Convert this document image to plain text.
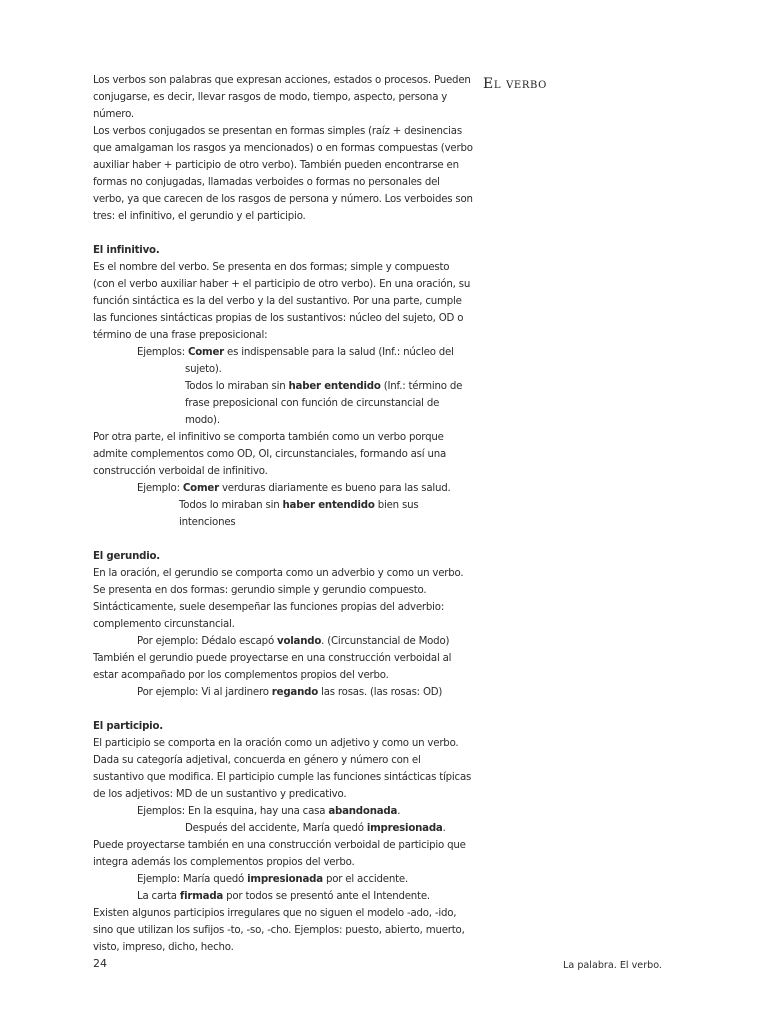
El verbo

Los verbos son palabras que expresan acciones, estados o procesos. Pueden conjugarse, es decir, llevar rasgos de modo, tiempo, aspecto, persona y número.

Los verbos conjugados se presentan en formas simples (raíz + desinencias que amalgaman los rasgos ya mencionados) o en formas compuestas (verbo auxiliar haber + participio de otro verbo). También pueden encontrarse en formas no conjugadas, llamadas verboides o formas no personales del verbo, ya que carecen de los rasgos de persona y número. Los verboides son tres: el infinitivo, el gerundio y el participio.

El infinitivo.

Es el nombre del verbo. Se presenta en dos formas; simple y compuesto (con el verbo auxiliar haber + el participio de otro verbo). En una oración, su función sintáctica es la del verbo y la del sustantivo. Por una parte, cumple las funciones sintácticas propias de los sustantivos: núcleo del sujeto, OD o término de una frase preposicional:

Ejemplos: Comer es indispensable para la salud (Inf.: núcleo del sujeto).

Todos lo miraban sin haber entendido (Inf.: término de frase preposicional con función de circunstancial de modo).

Por otra parte, el infinitivo se comporta también como un verbo porque admite complementos como OD, OI, circunstanciales, formando así una construcción verboidal de infinitivo.

Ejemplo: Comer verduras diariamente es bueno para las salud.

Todos lo miraban sin haber entendido bien sus intenciones

El gerundio.

En la oración, el gerundio se comporta como un adverbio y como un verbo. Se presenta en dos formas: gerundio simple y gerundio compuesto. Sintácticamente, suele desempeñar las funciones propias del adverbio: complemento circunstancial.

Por ejemplo: Dédalo escapó volando. (Circunstancial de Modo)

También el gerundio puede proyectarse en una construcción verboidal al estar acompañado por los complementos propios del verbo.

Por ejemplo: Vi al jardinero regando las rosas. (las rosas: OD)

El participio.

El participio se comporta en la oración como un adjetivo y como un verbo. Dada su categoría adjetival, concuerda en género y número con el sustantivo que modifica. El participio cumple las funciones sintácticas típicas de los adjetivos: MD de un sustantivo y predicativo.

Ejemplos: En la esquina, hay una casa abandonada.

Después del accidente, María quedó impresionada.

Puede proyectarse también en una construcción verboidal de participio que integra además los complementos propios del verbo.

Ejemplo: María quedó impresionada por el accidente.

La carta firmada por todos se presentó ante el Intendente.

Existen algunos participios irregulares que no siguen el modelo -ado, -ido, sino que utilizan los sufijos -to, -so, -cho. Ejemplos: puesto, abierto, muerto, visto, impreso, dicho, hecho.

24	La palabra. El verbo.
